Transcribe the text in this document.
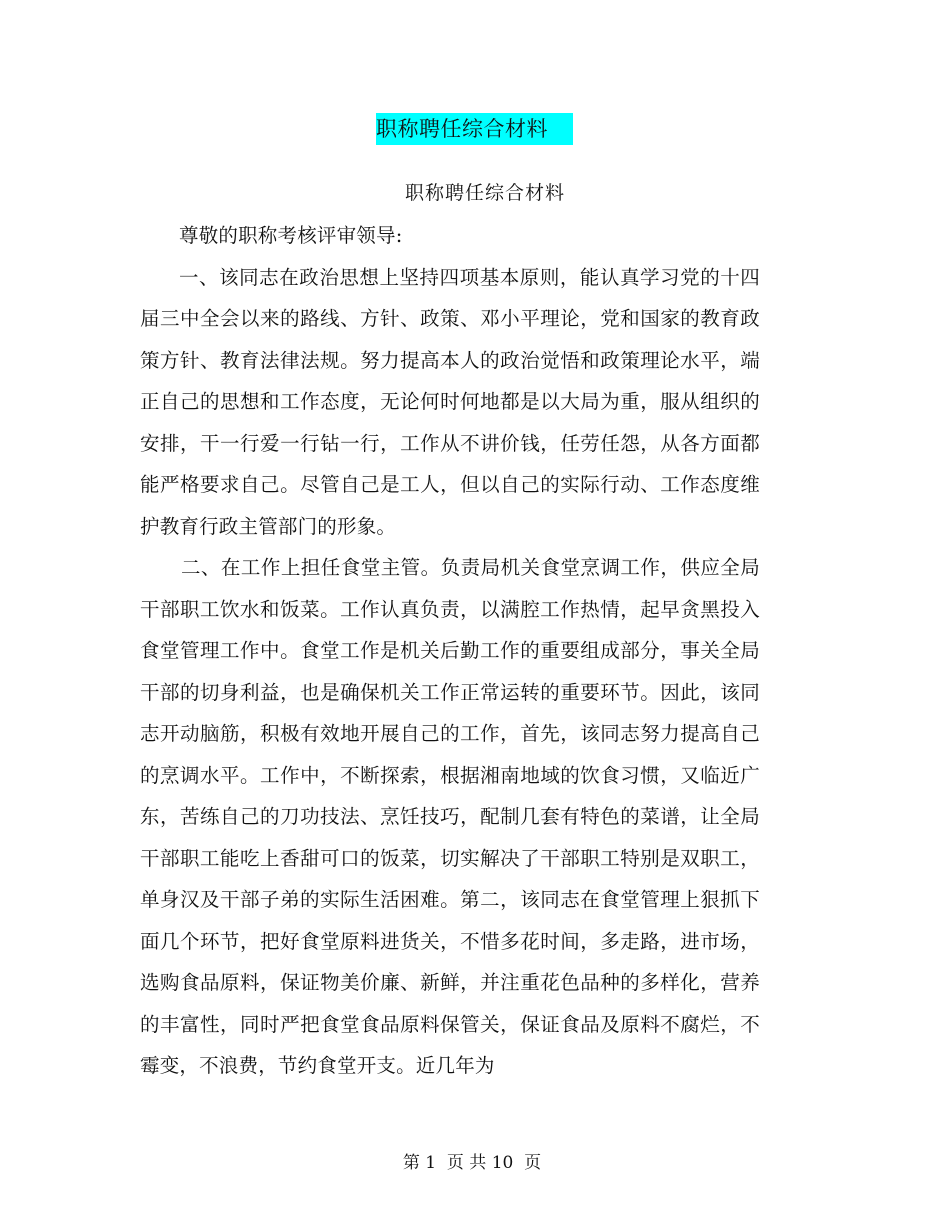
职称聘任综合材料
职称聘任综合材料

尊敬的职称考核评审领导:

一、该同志在政治思想上坚持四项基本原则，能认真学习党的十四届三中全会以来的路线、方针、政策、邓小平理论，党和国家的教育政策方针、教育法律法规。努力提高本人的政治觉悟和政策理论水平，端正自己的思想和工作态度，无论何时何地都是以大局为重，服从组织的安排，干一行爱一行钻一行，工作从不讲价钱，任劳任怨，从各方面都能严格要求自己。尽管自己是工人，但以自己的实际行动、工作态度维护教育行政主管部门的形象。

二、在工作上担任食堂主管。负责局机关食堂烹调工作，供应全局干部职工饮水和饭菜。工作认真负责，以满腔工作热情，起早贪黑投入食堂管理工作中。食堂工作是机关后勤工作的重要组成部分，事关全局干部的切身利益，也是确保机关工作正常运转的重要环节。因此，该同志开动脑筋，积极有效地开展自己的工作，首先，该同志努力提高自己的烹调水平。工作中，不断探索，根据湘南地域的饮食习惯，又临近广东，苦练自己的刀功技法、烹饪技巧，配制几套有特色的菜谱，让全局干部职工能吃上香甜可口的饭菜，切实解决了干部职工特别是双职工，单身汉及干部子弟的实际生活困难。第二，该同志在食堂管理上狠抓下面几个环节，把好食堂原料进货关，不惜多花时间，多走路，进市场，选购食品原料，保证物美价廉、新鲜，并注重花色品种的多样化，营养的丰富性，同时严把食堂食品原料保管关，保证食品及原料不腐烂，不霉变，不浪费，节约食堂开支。近几年为

第 1  页 共 10  页
